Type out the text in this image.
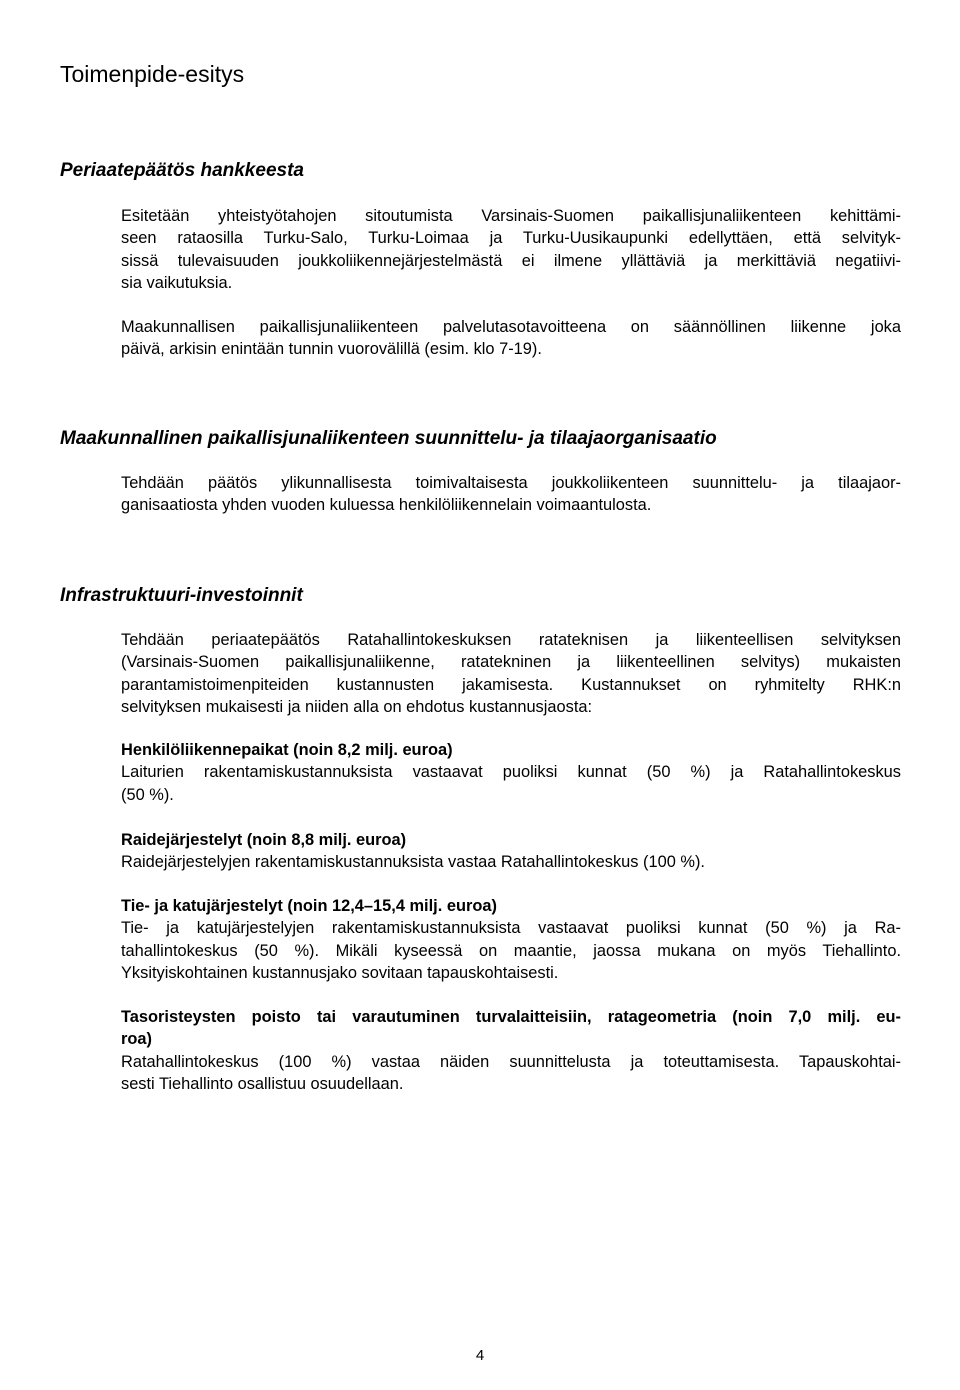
Toimenpide-esitys
Periaatepäätös hankkeesta
Esitetään yhteistyötahojen sitoutumista Varsinais-Suomen paikallisjunaliikenteen kehittämi-
seen rataosilla Turku-Salo, Turku-Loimaa ja Turku-Uusikaupunki edellyttäen, että selvityk-
sissä tulevaisuuden joukkoliikennejärjestelmästä ei ilmene yllättäviä ja merkittäviä negatiivi-
sia vaikutuksia.
Maakunnallisen paikallisjunaliikenteen palvelutasotavoitteena on säännöllinen liikenne joka
päivä, arkisin enintään tunnin vuorovälillä (esim. klo 7-19).
Maakunnallinen paikallisjunaliikenteen suunnittelu- ja tilaajaorganisaatio
Tehdään päätös ylikunnallisesta toimivaltaisesta joukkoliikenteen suunnittelu- ja tilaajaor-
ganisaatiosta yhden vuoden kuluessa henkilöliikennelain voimaantulosta.
Infrastruktuuri-investoinnit
Tehdään periaatepäätös Ratahallintokeskuksen ratateknisen ja liikenteellisen selvityksen
(Varsinais-Suomen paikallisjunaliikenne, ratatekninen ja liikenteellinen selvitys) mukaisten
parantamistoimenpiteiden kustannusten jakamisesta. Kustannukset on ryhmitelty RHK:n
selvityksen mukaisesti ja niiden alla on ehdotus kustannusjaosta:
Henkilöliikennepaikat (noin 8,2 milj. euroa)
Laiturien rakentamiskustannuksista vastaavat puoliksi kunnat (50 %) ja Ratahallintokeskus
(50 %).
Raidejärjestelyt (noin 8,8 milj. euroa)
Raidejärjestelyjen rakentamiskustannuksista vastaa Ratahallintokeskus (100 %).
Tie- ja katujärjestelyt (noin 12,4–15,4 milj. euroa)
Tie- ja katujärjestelyjen rakentamiskustannuksista vastaavat puoliksi kunnat (50 %) ja Ra-
tahallintokeskus (50 %). Mikäli kyseessä on maantie, jaossa mukana on myös Tiehallinto.
Yksityiskohtainen kustannusjako sovitaan tapauskohtaisesti.
Tasoristeysten poisto tai varautuminen turvalaitteisiin, ratageometria (noin 7,0 milj. eu-
roa)
Ratahallintokeskus (100 %) vastaa näiden suunnittelusta ja toteuttamisesta. Tapauskohtai-
sesti Tiehallinto osallistuu osuudellaan.
4
